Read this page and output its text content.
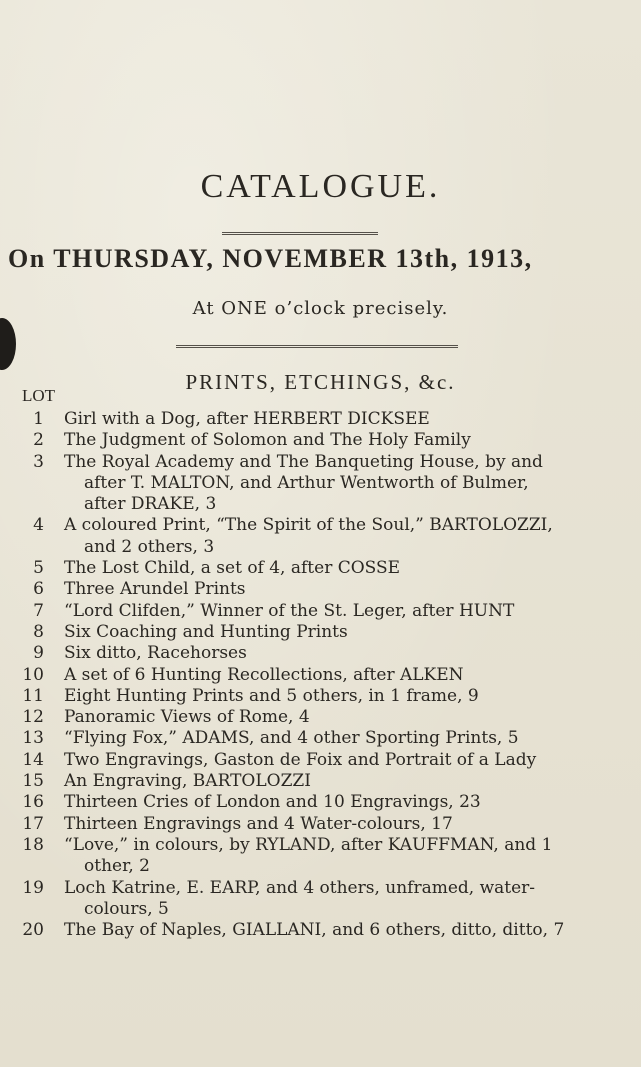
CATALOGUE.
On THURSDAY, NOVEMBER 13th, 1913,
At ONE o’clock precisely.
PRINTS, ETCHINGS, &c.
LOT
1	Girl with a Dog, after HERBERT DICKSEE
2	The Judgment of Solomon and The Holy Family
3	The Royal Academy and The Banqueting House, by and
after T. MALTON, and Arthur Wentworth of Bulmer,
after DRAKE, 3
4	A coloured Print, “The Spirit of the Soul,” BARTOLOZZI,
and 2 others, 3
5	The Lost Child, a set of 4, after COSSE
6	Three Arundel Prints
7	“Lord Clifden,” Winner of the St. Leger, after HUNT
8	Six Coaching and Hunting Prints
9	Six ditto, Racehorses
10	A set of 6 Hunting Recollections, after ALKEN
11	Eight Hunting Prints and 5 others, in 1 frame, 9
12	Panoramic Views of Rome, 4
13	“Flying Fox,” ADAMS, and 4 other Sporting Prints, 5
14	Two Engravings, Gaston de Foix and Portrait of a Lady
15	An Engraving, BARTOLOZZI
16	Thirteen Cries of London and 10 Engravings, 23
17	Thirteen Engravings and 4 Water-colours, 17
18	“Love,” in colours, by RYLAND, after KAUFFMAN, and 1
other, 2
19	Loch Katrine, E. EARP, and 4 others, unframed, water-
colours, 5
20	The Bay of Naples, GIALLANI, and 6 others, ditto, ditto, 7
